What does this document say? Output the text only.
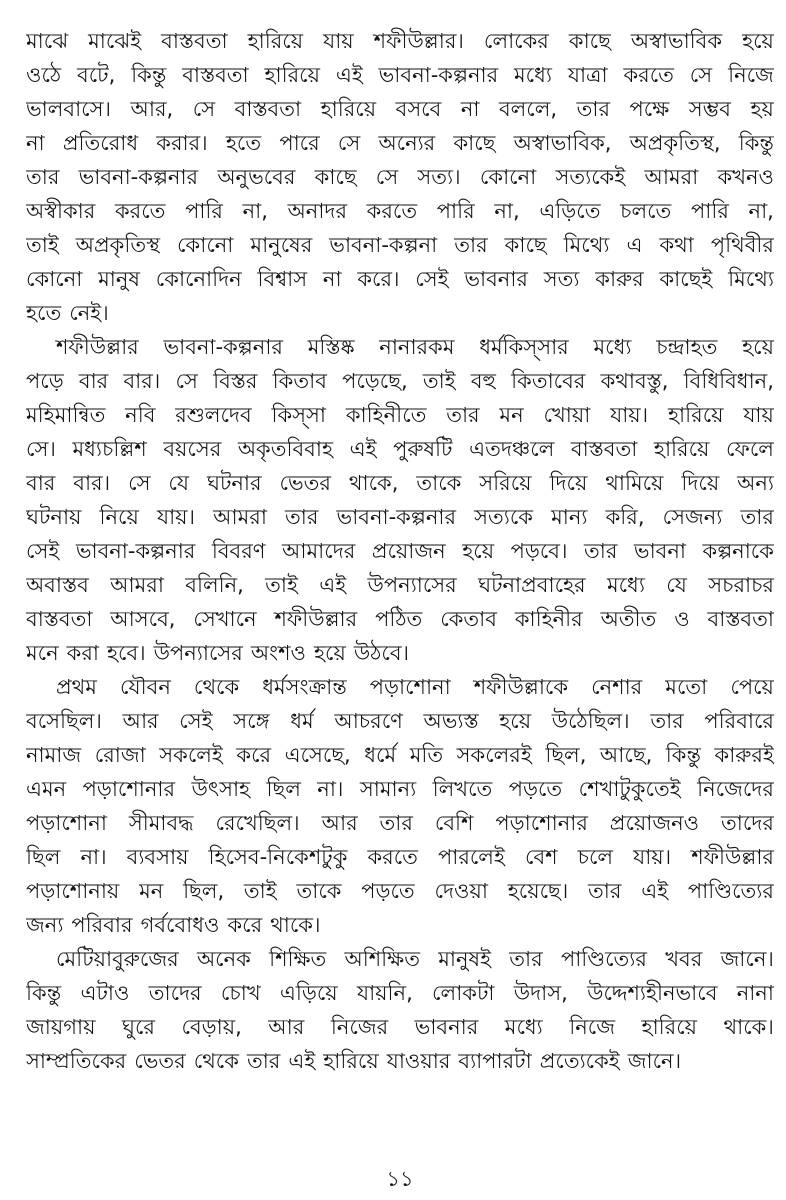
মাঝে মাঝেই বাস্তবতা হারিয়ে যায় শফীউল্লার। লোকের কাছে অস্বাভাবিক হয়ে
ওঠে বটে, কিন্তু বাস্তবতা হারিয়ে এই ভাবনা-কল্পনার মধ্যে যাত্রা করতে সে নিজে
ভালবাসে। আর, সে বাস্তবতা হারিয়ে বসবে না বললে, তার পক্ষে সম্ভব হয়
না প্রতিরোধ করার। হতে পারে সে অন্যের কাছে অস্বাভাবিক, অপ্রকৃতিস্থ, কিন্তু
তার ভাবনা-কল্পনার অনুভবের কাছে সে সত্য। কোনো সত্যকেই আমরা কখনও
অস্বীকার করতে পারি না, অনাদর করতে পারি না, এড়িতে চলতে পারি না,
তাই অপ্রকৃতিস্থ কোনো মানুষের ভাবনা-কল্পনা তার কাছে মিথ্যে এ কথা পৃথিবীর
কোনো মানুষ কোনোদিন বিশ্বাস না করে। সেই ভাবনার সত্য কারুর কাছেই মিথ্যে
হতে নেই।
শফীউল্লার ভাবনা-কল্পনার মস্তিষ্ক নানারকম ধর্মকিস্‌সার মধ্যে চন্দ্রাহত হয়ে
পড়ে বার বার। সে বিস্তর কিতাব পড়েছে, তাই বহু কিতাবের কথাবস্তু, বিধিবিধান,
মহিমান্বিত নবি রশুলদেব কিস্‌সা কাহিনীতে তার মন খোয়া যায়। হারিয়ে যায়
সে। মধ্যচল্লিশ বয়সের অকৃতবিবাহ এই পুরুষটি এতদঞ্চলে বাস্তবতা হারিয়ে ফেলে
বার বার। সে যে ঘটনার ভেতর থাকে, তাকে সরিয়ে দিয়ে থামিয়ে দিয়ে অন্য
ঘটনায় নিয়ে যায়। আমরা তার ভাবনা-কল্পনার সত্যকে মান্য করি, সেজন্য তার
সেই ভাবনা-কল্পনার বিবরণ আমাদের প্রয়োজন হয়ে পড়বে। তার ভাবনা কল্পনাকে
অবাস্তব আমরা বলিনি, তাই এই উপন্যাসের ঘটনাপ্রবাহের মধ্যে যে সচরাচর
বাস্তবতা আসবে, সেখানে শফীউল্লার পঠিত কেতাব কাহিনীর অতীত ও বাস্তবতা
মনে করা হবে। উপন্যাসের অংশও হয়ে উঠবে।
প্রথম যৌবন থেকে ধর্মসংক্রান্ত পড়াশোনা শফীউল্লাকে নেশার মতো পেয়ে
বসেছিল। আর সেই সঙ্গে ধর্ম আচরণে অভ্যস্ত হয়ে উঠেছিল। তার পরিবারে
নামাজ রোজা সকলেই করে এসেছে, ধর্মে মতি সকলেরই ছিল, আছে, কিন্তু কারুরই
এমন পড়াশোনার উৎসাহ ছিল না। সামান্য লিখতে পড়তে শেখাটুকুতেই নিজেদের
পড়াশোনা সীমাবদ্ধ রেখেছিল। আর তার বেশি পড়াশোনার প্রয়োজনও তাদের
ছিল না। ব্যবসায় হিসেব-নিকেশটুকু করতে পারলেই বেশ চলে যায়। শফীউল্লার
পড়াশোনায় মন ছিল, তাই তাকে পড়তে দেওয়া হয়েছে। তার এই পাণ্ডিত্যের
জন্য পরিবার গর্ববোধও করে থাকে।
মেটিয়াবুরুজের অনেক শিক্ষিত অশিক্ষিত মানুষই তার পাণ্ডিত্যের খবর জানে।
কিন্তু এটাও তাদের চোখ এড়িয়ে যায়নি, লোকটা উদাস, উদ্দেশ্যহীনভাবে নানা
জায়গায় ঘুরে বেড়ায়, আর নিজের ভাবনার মধ্যে নিজে হারিয়ে থাকে।
সাম্প্রতিকের ভেতর থেকে তার এই হারিয়ে যাওয়ার ব্যাপারটা প্রত্যেকেই জানে।
১১
